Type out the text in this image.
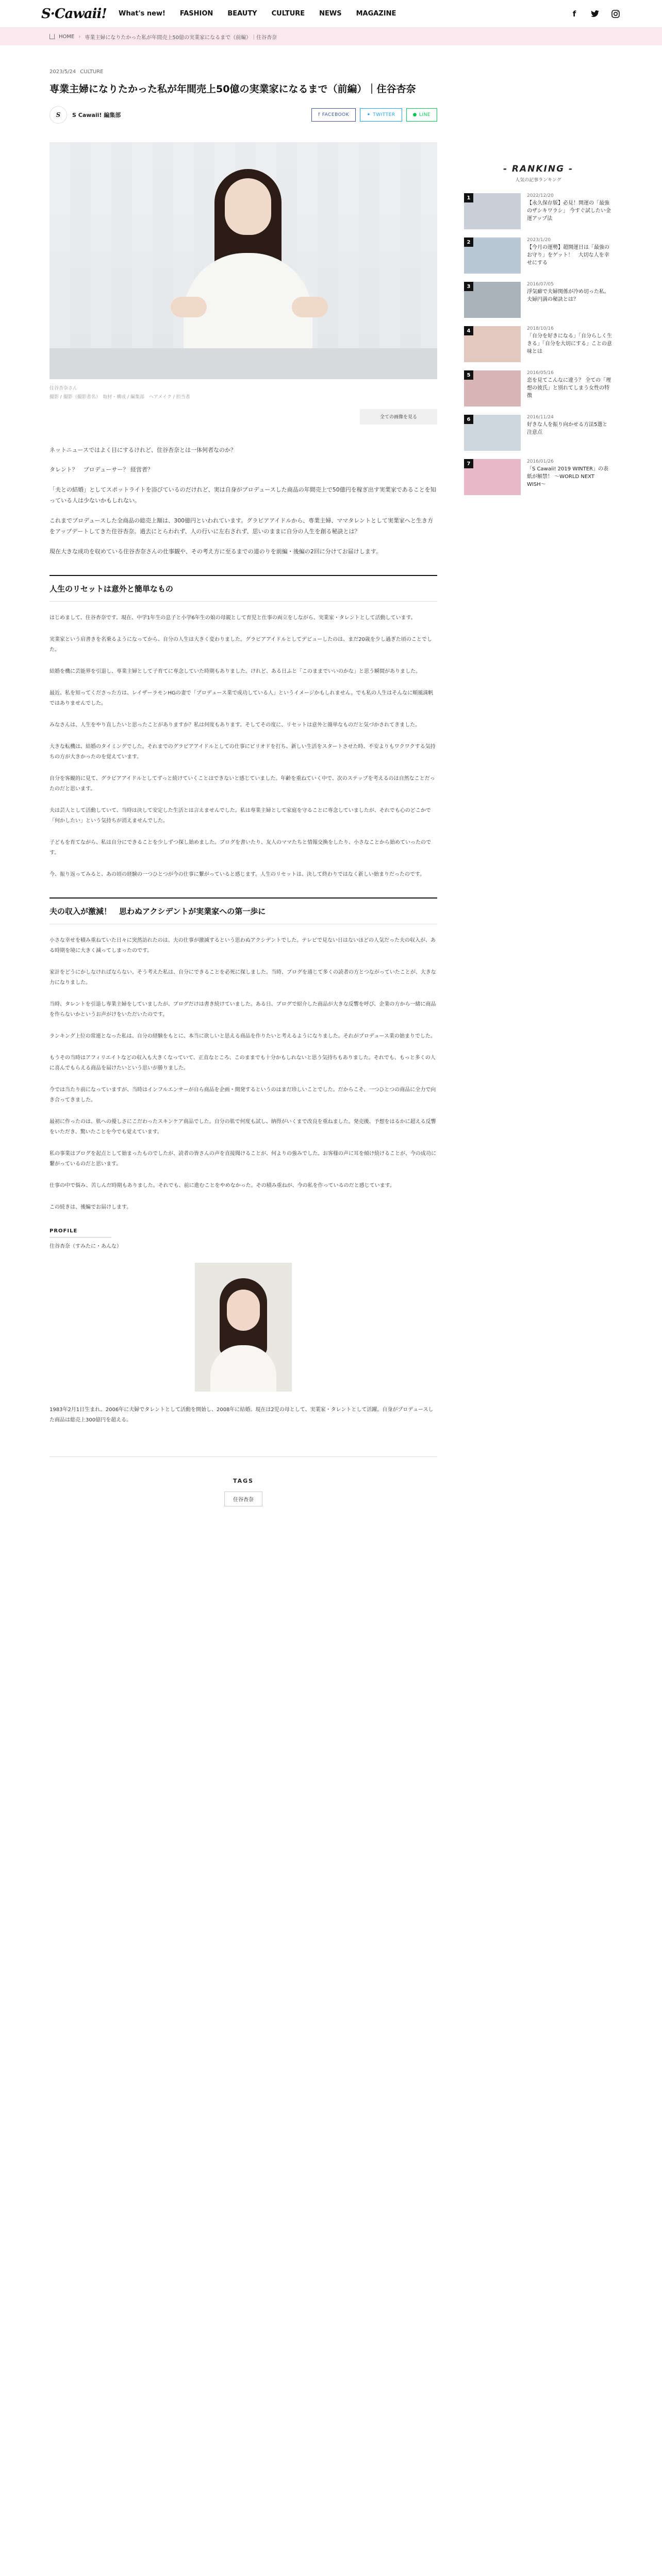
S·Cawaii!	What's new! FASHION BEAUTY CULTURE NEWS MAGAZINE	f
HOME › 専業主婦になりたかった私が年間売上50億の実業家になるまで（前編）｜住谷杏奈
2023/5/24 CULTURE
専業主婦になりたかった私が年間売上50億の実業家になるまで（前編）｜住谷杏奈
S	S Cawaii! 編集部	f FACEBOOK	✦ TWITTER	● LINE
住谷杏奈さん
撮影 / 撮影（撮影者名）　取材・構成 / 編集部　ヘアメイク / 担当者
全ての画像を見る

ネットニュースではよく目にするけれど、住谷杏奈とは一体何者なのか？

タレント？　プロデューサー？ 経営者？

「夫との結婚」としてスポットライトを浴びているのだけれど、実は自身がプロデュースした商品の年間売上で50億円を稼ぎ出す実業家であることを知っている人は少ないかもしれない。

これまでプロデュースした全商品の総売上額は、300億円といわれています。グラビアアイドルから、専業主婦、ママタレントとして実業家へと生き方をアップデートしてきた住谷杏奈。過去にとらわれず、人の行いに左右されず、思いのままに自分の人生を創る秘訣とは？

現在大きな成功を収めている住谷杏奈さんの仕事観や、その考え方に至るまでの道のりを前編・後編の2回に分けてお届けします。

人生のリセットは意外と簡単なもの

はじめまして、住谷杏奈です。現在、中学1年生の息子と小学6年生の娘の母親として育児と仕事の両立をしながら、実業家・タレントとして活動しています。

実業家という肩書きを名乗るようになってから、自分の人生は大きく変わりました。グラビアアイドルとしてデビューしたのは、まだ20歳を少し過ぎた頃のことでした。

結婚を機に芸能界を引退し、専業主婦として子育てに専念していた時期もありました。けれど、ある日ふと「このままでいいのかな」と思う瞬間がありました。

最近、私を知ってくださった方は、レイザーラモンHGの妻で「プロデュース業で成功している人」というイメージかもしれません。でも私の人生はそんなに順風満帆ではありませんでした。

みなさんは、人生をやり直したいと思ったことがありますか？私は何度もあります。そしてその度に、リセットは意外と簡単なものだと気づかされてきました。

大きな転機は、結婚のタイミングでした。それまでのグラビアアイドルとしての仕事にピリオドを打ち、新しい生活をスタートさせた時、不安よりもワクワクする気持ちの方が大きかったのを覚えています。

自分を客観的に見て、グラビアアイドルとしてずっと続けていくことはできないと感じていました。年齢を重ねていく中で、次のステップを考えるのは自然なことだったのだと思います。

夫は芸人として活動していて、当時は決して安定した生活とは言えませんでした。私は専業主婦として家庭を守ることに専念していましたが、それでも心のどこかで「何かしたい」という気持ちが消えませんでした。

子どもを育てながら、私は自分にできることを少しずつ探し始めました。ブログを書いたり、友人のママたちと情報交換をしたり、小さなことから始めていったのです。

今、振り返ってみると、あの頃の経験の一つひとつが今の仕事に繋がっていると感じます。人生のリセットは、決して終わりではなく新しい始まりだったのです。

夫の収入が激減！　思わぬアクシデントが実業家への第一歩に

小さな幸せを積み重ねていた日々に突然訪れたのは、夫の仕事が激減するという思わぬアクシデントでした。テレビで見ない日はないほどの人気だった夫の収入が、ある時期を境に大きく減ってしまったのです。

家計をどうにかしなければならない。そう考えた私は、自分にできることを必死に探しました。当時、ブログを通じて多くの読者の方とつながっていたことが、大きな力になりました。

当時、タレントを引退し専業主婦をしていましたが、ブログだけは書き続けていました。ある日、ブログで紹介した商品が大きな反響を呼び、企業の方から一緒に商品を作らないかというお声がけをいただいたのです。

ランキング上位の常連となった私は、自分の経験をもとに、本当に欲しいと思える商品を作りたいと考えるようになりました。それがプロデュース業の始まりでした。

もうその当時はアフィリエイトなどの収入も大きくなっていて、正直なところ、このままでも十分かもしれないと思う気持ちもありました。それでも、もっと多くの人に喜んでもらえる商品を届けたいという思いが勝りました。

今では当たり前になっていますが、当時はインフルエンサーが自ら商品を企画・開発するというのはまだ珍しいことでした。だからこそ、一つひとつの商品に全力で向き合ってきました。

最初に作ったのは、肌への優しさにこだわったスキンケア商品でした。自分の肌で何度も試し、納得がいくまで改良を重ねました。発売後、予想をはるかに超える反響をいただき、驚いたことを今でも覚えています。

私の事業はブログを起点として始まったものでしたが、読者の皆さんの声を直接聞けることが、何よりの強みでした。お客様の声に耳を傾け続けることが、今の成功に繋がっているのだと思います。

仕事の中で悩み、苦しんだ時期もありました。それでも、前に進むことをやめなかった。その積み重ねが、今の私を作っているのだと感じています。

この続きは、後編でお届けします。

PROFILE
住谷杏奈（すみたに・あんな）
1983年2月1日生まれ。2006年に夫婦でタレントとして活動を開始し、2008年に結婚。現在は2児の母として、実業家・タレントとして活躍。自身がプロデュースした商品は総売上300億円を超える。
TAGS
住谷杏奈
- RANKING -
人気の記事ランキング
1	2022/12/20
【永久保存版】必見！開運の「最強のザシキワラシ」 今すぐ試したい金運アップ法
2	2023/1/20
【今月の運勢】超開運日は「最強のお守り」をゲット！　大切な人を幸せにする
3	2016/07/05
浮気癖で夫婦関係が冷め切った私。夫婦円満の秘訣とは？
4	2018/10/16
「自分を好きになる」「自分らしく生きる」「自分を大切にする」ことの意味とは
5	2016/05/16
恋を見てこんなに違う？ 全ての「理想の彼氏」と別れてしまう女性の特徴
6	2016/11/24
好きな人を振り向かせる方法5選と注意点
7	2016/01/26
「S Cawaii! 2019 WINTER」の表紙が解禁！ 〜WORLD NEXT WISH〜
